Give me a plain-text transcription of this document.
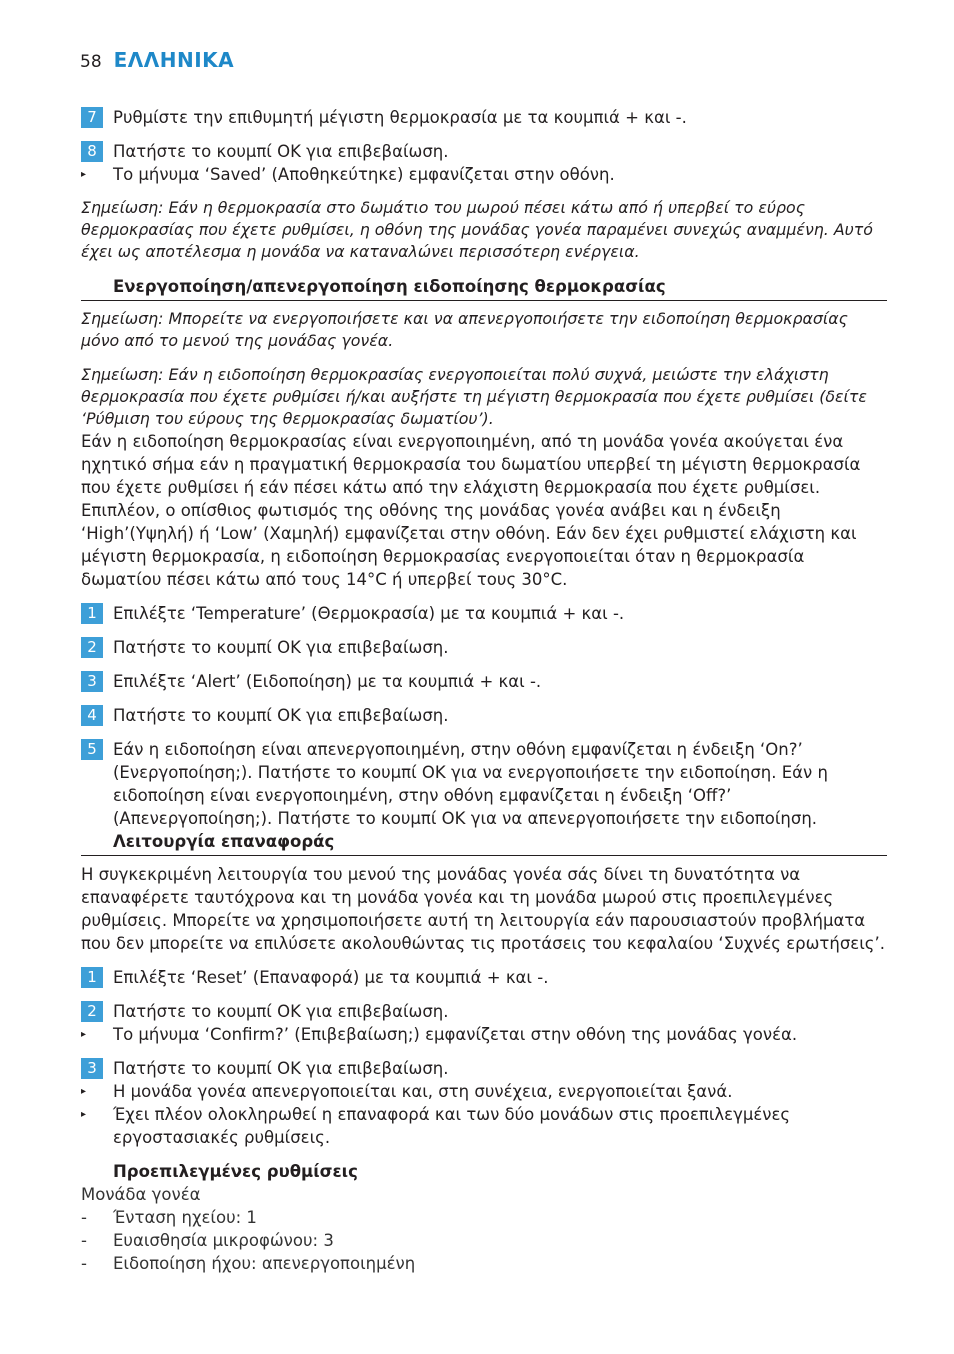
58 ΕΛΛΗΝΙΚΑ
7 Ρυθμίστε την επιθυμητή μέγιστη θερμοκρασία με τα κουμπιά + και -.
8 Πατήστε το κουμπί OK για επιβεβαίωση.
▸	Το μήνυμα ‘Saved’ (Αποθηκεύτηκε) εμφανίζεται στην οθόνη.
Σημείωση: Εάν η θερμοκρασία στο δωμάτιο του μωρού πέσει κάτω από ή υπερβεί το εύρος θερμοκρασίας που έχετε ρυθμίσει, η οθόνη της μονάδας γονέα παραμένει συνεχώς αναμμένη. Αυτό έχει ως αποτέλεσμα η μονάδα να καταναλώνει περισσότερη ενέργεια.
Ενεργοποίηση/απενεργοποίηση ειδοποίησης θερμοκρασίας
Σημείωση: Μπορείτε να ενεργοποιήσετε και να απενεργοποιήσετε την ειδοποίηση θερμοκρασίας μόνο από το μενού της μονάδας γονέα.
Σημείωση: Εάν η ειδοποίηση θερμοκρασίας ενεργοποιείται πολύ συχνά, μειώστε την ελάχιστη θερμοκρασία που έχετε ρυθμίσει ή/και αυξήστε τη μέγιστη θερμοκρασία που έχετε ρυθμίσει (δείτε ‘Ρύθμιση του εύρους της θερμοκρασίας δωματίου’).
Εάν η ειδοποίηση θερμοκρασίας είναι ενεργοποιημένη, από τη μονάδα γονέα ακούγεται ένα ηχητικό σήμα εάν η πραγματική θερμοκρασία του δωματίου υπερβεί τη μέγιστη θερμοκρασία που έχετε ρυθμίσει ή εάν πέσει κάτω από την ελάχιστη θερμοκρασία που έχετε ρυθμίσει. Επιπλέον, ο οπίσθιος φωτισμός της οθόνης της μονάδας γονέα ανάβει και η ένδειξη ‘High’(Υψηλή) ή ‘Low’ (Χαμηλή) εμφανίζεται στην οθόνη. Εάν δεν έχει ρυθμιστεί ελάχιστη και μέγιστη θερμοκρασία, η ειδοποίηση θερμοκρασίας ενεργοποιείται όταν η θερμοκρασία δωματίου πέσει κάτω από τους 14°C ή υπερβεί τους 30°C.
1 Επιλέξτε ‘Temperature’ (Θερμοκρασία) με τα κουμπιά + και -.
2 Πατήστε το κουμπί OK για επιβεβαίωση.
3 Επιλέξτε ‘Alert’ (Ειδοποίηση) με τα κουμπιά + και -.
4 Πατήστε το κουμπί OK για επιβεβαίωση.
5 Εάν η ειδοποίηση είναι απενεργοποιημένη, στην οθόνη εμφανίζεται η ένδειξη ‘On?’ (Ενεργοποίηση;). Πατήστε το κουμπί OK για να ενεργοποιήσετε την ειδοποίηση. Εάν η ειδοποίηση είναι ενεργοποιημένη, στην οθόνη εμφανίζεται η ένδειξη ‘Off?’ (Απενεργοποίηση;). Πατήστε το κουμπί OK για να απενεργοποιήσετε την ειδοποίηση.
Λειτουργία επαναφοράς
Η συγκεκριμένη λειτουργία του μενού της μονάδας γονέα σάς δίνει τη δυνατότητα να επαναφέρετε ταυτόχρονα και τη μονάδα γονέα και τη μονάδα μωρού στις προεπιλεγμένες ρυθμίσεις. Μπορείτε να χρησιμοποιήσετε αυτή τη λειτουργία εάν παρουσιαστούν προβλήματα που δεν μπορείτε να επιλύσετε ακολουθώντας τις προτάσεις του κεφαλαίου ‘Συχνές ερωτήσεις’.
1 Επιλέξτε ‘Reset’ (Επαναφορά) με τα κουμπιά + και -.
2 Πατήστε το κουμπί OK για επιβεβαίωση.
▸	Το μήνυμα ‘Confirm?’ (Επιβεβαίωση;) εμφανίζεται στην οθόνη της μονάδας γονέα.
3 Πατήστε το κουμπί OK για επιβεβαίωση.
▸	Η μονάδα γονέα απενεργοποιείται και, στη συνέχεια, ενεργοποιείται ξανά.
▸	Έχει πλέον ολοκληρωθεί η επαναφορά και των δύο μονάδων στις προεπιλεγμένες εργοστασιακές ρυθμίσεις.
Προεπιλεγμένες ρυθμίσεις
Μονάδα γονέα
-	Ένταση ηχείου: 1
-	Ευαισθησία μικροφώνου: 3
-	Ειδοποίηση ήχου: απενεργοποιημένη
